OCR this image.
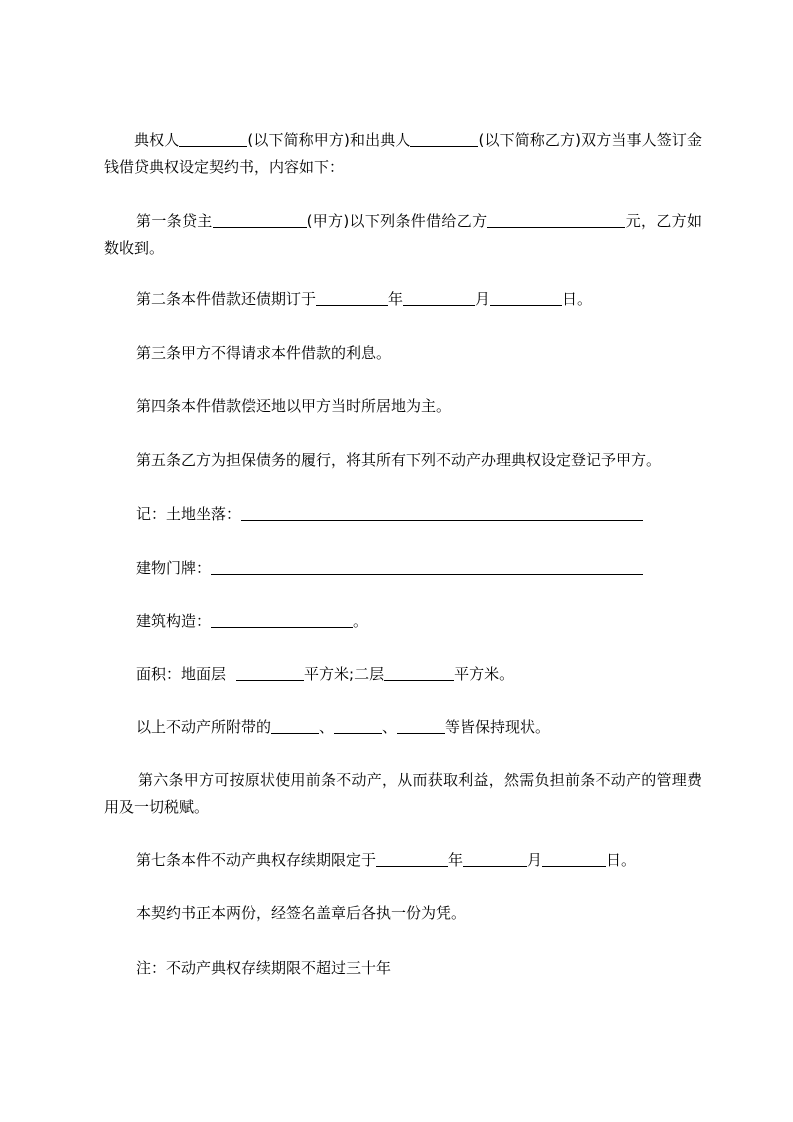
典权人	(以下简称甲方)和出典人	(以下简称乙方)双方当事人签订金钱借贷典权设定契约书，内容如下：
第一条贷主	(甲方)以下列条件借给乙方	元，乙方如数收到。
第二条本件借款还债期订于	年	月	日。
第三条甲方不得请求本件借款的利息。
第四条本件借款偿还地以甲方当时所居地为主。
第五条乙方为担保债务的履行，将其所有下列不动产办理典权设定登记予甲方。
记：土地坐落：
建物门牌：
建筑构造：	。
面积：地面层	平方米;二层	平方米。
以上不动产所附带的	、	、	等皆保持现状。
第六条甲方可按原状使用前条不动产，从而获取利益，然需负担前条不动产的管理费用及一切税赋。
第七条本件不动产典权存续期限定于	年	月	日。
本契约书正本两份，经签名盖章后各执一份为凭。
注：不动产典权存续期限不超过三十年
